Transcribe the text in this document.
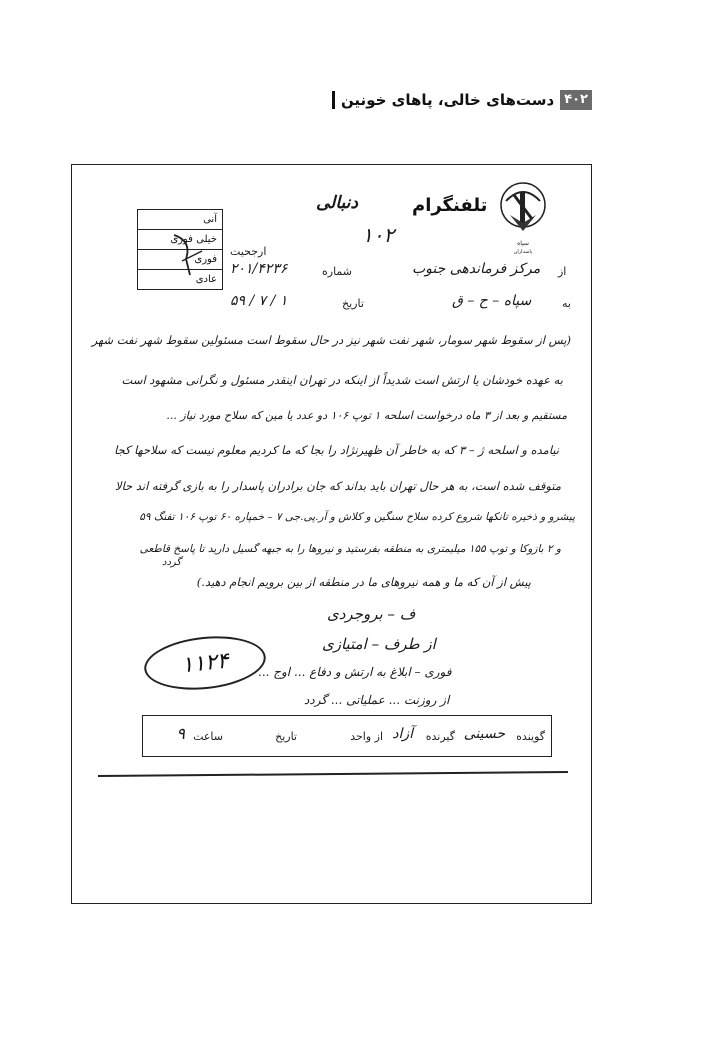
۴۰۲
دست‌های خالی، پاهای خونین
سپاه
پاسداران
تلفنگرام
دنبالی
۱۰۲
آنی
خیلی فوری
فوری
عادی
ارجحیت
شماره
۲۰۱/۴۲۳۶
تاریخ
۱ / ۷ / ۵۹
از
مرکز فرماندهی جنوب
به
سپاه – ح – ق
(پس از سقوط شهر سومار، شهر نفت شهر نیز در حال سقوط است مسئولین سقوط شهر نفت شهر
به عهده خودشان یا ارتش است شدیداً از اینکه در تهران اینقدر مسئول و نگرانی مشهود است
مستقیم و بعد از ۳ ماه درخواست اسلحه ۱ توپ ۱۰۶ دو عدد یا مین که سلاح مورد نیاز ...
نیامده و اسلحه ژ – ۳ که به خاطر آن ظهیرنژاد را بجا که ما کردیم معلوم نیست که سلاحها کجا
متوقف شده است، به هر حال تهران باید بداند که جان برادران پاسدار را به بازی گرفته اند حالا
پیشرو و ذخیره تانکها شروع کرده سلاح سنگین و کلاش و آر.پی.جی ۷ – خمپاره ۶۰ توپ ۱۰۶ تفنگ ۵۹
و ۲ بازوکا و توپ ۱۵۵ میلیمتری به منطقه بفرستید و نیروها را به جبهه گسیل دارید تا پاسخ قاطعی
پیش از آن که ما و همه نیروهای ما در منطقه از بین برویم انجام دهید.)
گردد
ف – بروجردی
از طرف – امتیازی
۱۱۲۴ فوری – ابلاغ به ارتش و دفاع ... اوج ...
از روزنت ... عملیاتی ... گردد
گوینده
حسینی
گیرنده
آزاد
از واحد
تاریخ
ساعت
۹
